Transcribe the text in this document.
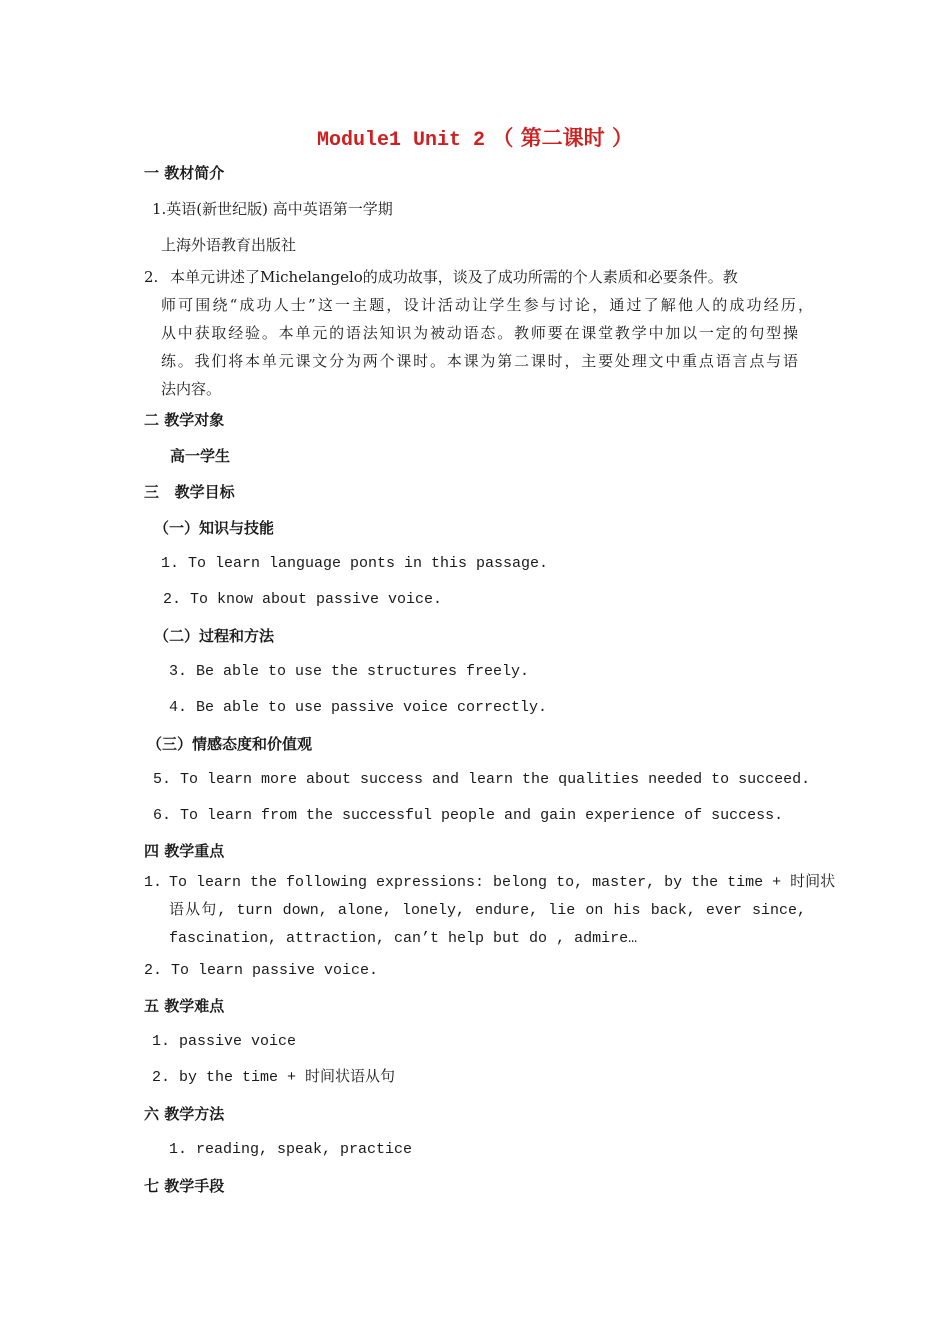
Module1 Unit 2 （ 第二课时 ）
一 教材简介
1.英语(新世纪版) 高中英语第一学期
上海外语教育出版社
2. 本单元讲述了Michelangelo的成功故事，谈及了成功所需的个人素质和必要条件。教
师可围绕“成功人士”这一主题，设计活动让学生参与讨论，通过了解他人的成功经历，
从中获取经验。本单元的语法知识为被动语态。教师要在课堂教学中加以一定的句型操
练。我们将本单元课文分为两个课时。本课为第二课时，主要处理文中重点语言点与语
法内容。
二 教学对象
高一学生
三   教学目标
（一）知识与技能
1. To learn language ponts in this passage.
2. To know about passive voice.
（二）过程和方法
3. Be able to use the structures freely.
4. Be able to use passive voice correctly.
（三）情感态度和价值观
5. To learn more about success and learn the qualities needed to succeed.
6. To learn from the successful people and gain experience of success.
四 教学重点
1. To learn the following expressions: belong to, master, by the time + 时间状
语从句, turn down, alone, lonely, endure, lie on his back, ever since,
fascination, attraction, can’t help but do , admire…
2. To learn passive voice.
五 教学难点
1. passive voice
2. by the time + 时间状语从句
六 教学方法
1. reading, speak, practice
七 教学手段
